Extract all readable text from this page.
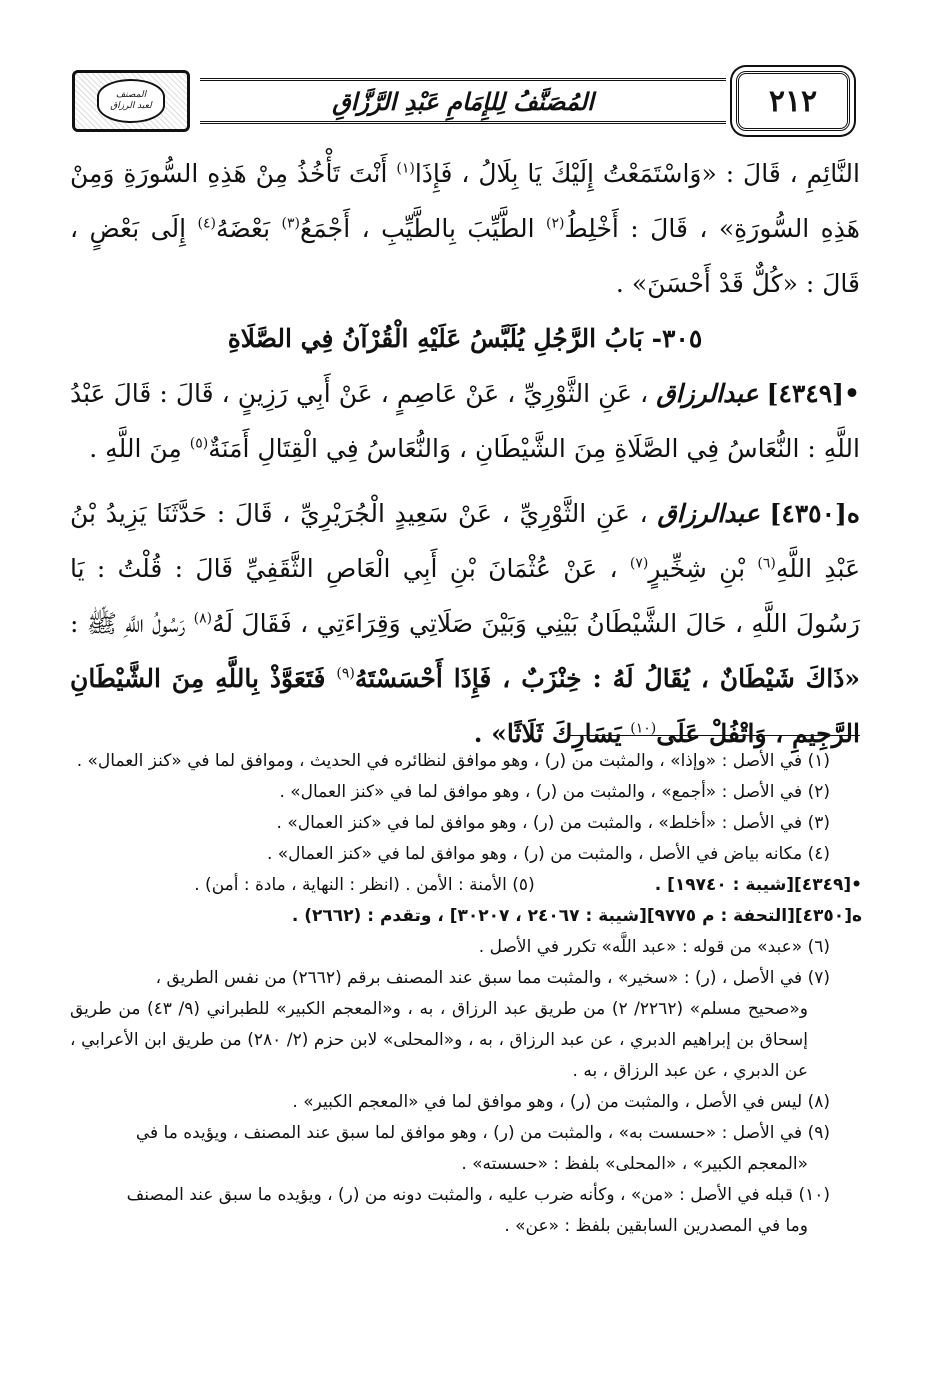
٢١٢
المُصَنَّفُ لِلإِمَامِ عَبْدِ الرَّزَّاقِ
المصنف
لعبد الرزاق

النَّائِمِ ، قَالَ : «وَاسْتَمَعْتُ إِلَيْكَ يَا بِلَالُ ، فَإِذَا$^{(١)}$ أَنْتَ تَأْخُذُ مِنْ هَذِهِ السُّورَةِ وَمِنْ هَذِهِ السُّورَةِ» ، قَالَ : أَخْلِطُ$^{(٢)}$ الطَّيِّبَ بِالطَّيِّبِ ، أَجْمَعُ$^{(٣)}$ بَعْضَهُ$^{(٤)}$ إِلَى بَعْضٍ ، قَالَ : «كُلٌّ قَدْ أَحْسَنَ» .

٣٠٥- بَابُ الرَّجُلِ يُلَبَّسُ عَلَيْهِ الْقُرْآنُ فِي الصَّلَاةِ

•[٤٣٤٩] عبدالرزاق ، عَنِ الثَّوْرِيِّ ، عَنْ عَاصِمٍ ، عَنْ أَبِي رَزِينٍ ، قَالَ : قَالَ عَبْدُ اللَّهِ : النُّعَاسُ فِي الصَّلَاةِ مِنَ الشَّيْطَانِ ، وَالنُّعَاسُ فِي الْقِتَالِ أَمَنَةٌ$^{(٥)}$ مِنَ اللَّهِ .

ه[٤٣٥٠] عبدالرزاق ، عَنِ الثَّوْرِيِّ ، عَنْ سَعِيدٍ الْجُرَيْرِيِّ ، قَالَ : حَدَّثَنَا يَزِيدُ بْنُ عَبْدِ اللَّهِ$^{(٦)}$ بْنِ شِخِّيرٍ$^{(٧)}$ ، عَنْ عُثْمَانَ بْنِ أَبِي الْعَاصِ الثَّقَفِيِّ قَالَ : قُلْتُ : يَا رَسُولَ اللَّهِ ، حَالَ الشَّيْطَانُ بَيْنِي وَبَيْنَ صَلَاتِي وَقِرَاءَتِي ، فَقَالَ لَهُ$^{(٨)}$ رَسُولُ اللَّهِ ﷺ : «ذَاكَ شَيْطَانٌ ، يُقَالُ لَهُ : خِنْزَبٌ ، فَإِذَا أَحْسَسْتَهُ$^{(٩)}$ فَتَعَوَّذْ بِاللَّهِ مِنَ الشَّيْطَانِ الرَّجِيمِ ، وَاتْفُلْ عَلَى$^{(١٠)}$ يَسَارِكَ ثَلَاثًا» .

(١) في الأصل : «وإذا» ، والمثبت من (ر) ، وهو موافق لنظائره في الحديث ، وموافق لما في «كنز العمال» .

(٢) في الأصل : «أجمع» ، والمثبت من (ر) ، وهو موافق لما في «كنز العمال» .

(٣) في الأصل : «أخلط» ، والمثبت من (ر) ، وهو موافق لما في «كنز العمال» .

(٤) مكانه بياض في الأصل ، والمثبت من (ر) ، وهو موافق لما في «كنز العمال» .

•[٤٣٤٩][شيبة : ١٩٧٤٠] .
(٥) الأمنة : الأمن . (انظر : النهاية ، مادة : أمن) .

ه[٤٣٥٠][التحفة : م ٩٧٧٥][شيبة : ٢٤٠٦٧ ، ٣٠٢٠٧] ، وتقدم : (٢٦٦٢) .

(٦) «عبد» من قوله : «عبد اللَّه» تكرر في الأصل .

(٧) في الأصل ، (ر) : «سخير» ، والمثبت مما سبق عند المصنف برقم (٢٦٦٢) من نفس الطريق ،

و«صحيح مسلم» (٢٢٦٢/ ٢) من طريق عبد الرزاق ، به ، و«المعجم الكبير» للطبراني (٩/ ٤٣) من طريق إسحاق بن إبراهيم الدبري ، عن عبد الرزاق ، به ، و«المحلى» لابن حزم (٢/ ٢٨٠) من طريق ابن الأعرابي ، عن الدبري ، عن عبد الرزاق ، به .

(٨) ليس في الأصل ، والمثبت من (ر) ، وهو موافق لما في «المعجم الكبير» .

(٩) في الأصل : «حسست به» ، والمثبت من (ر) ، وهو موافق لما سبق عند المصنف ، ويؤيده ما في

«المعجم الكبير» ، «المحلى» بلفظ : «حسسته» .

(١٠) قبله في الأصل : «من» ، وكأنه ضرب عليه ، والمثبت دونه من (ر) ، ويؤيده ما سبق عند المصنف

وما في المصدرين السابقين بلفظ : «عن» .
